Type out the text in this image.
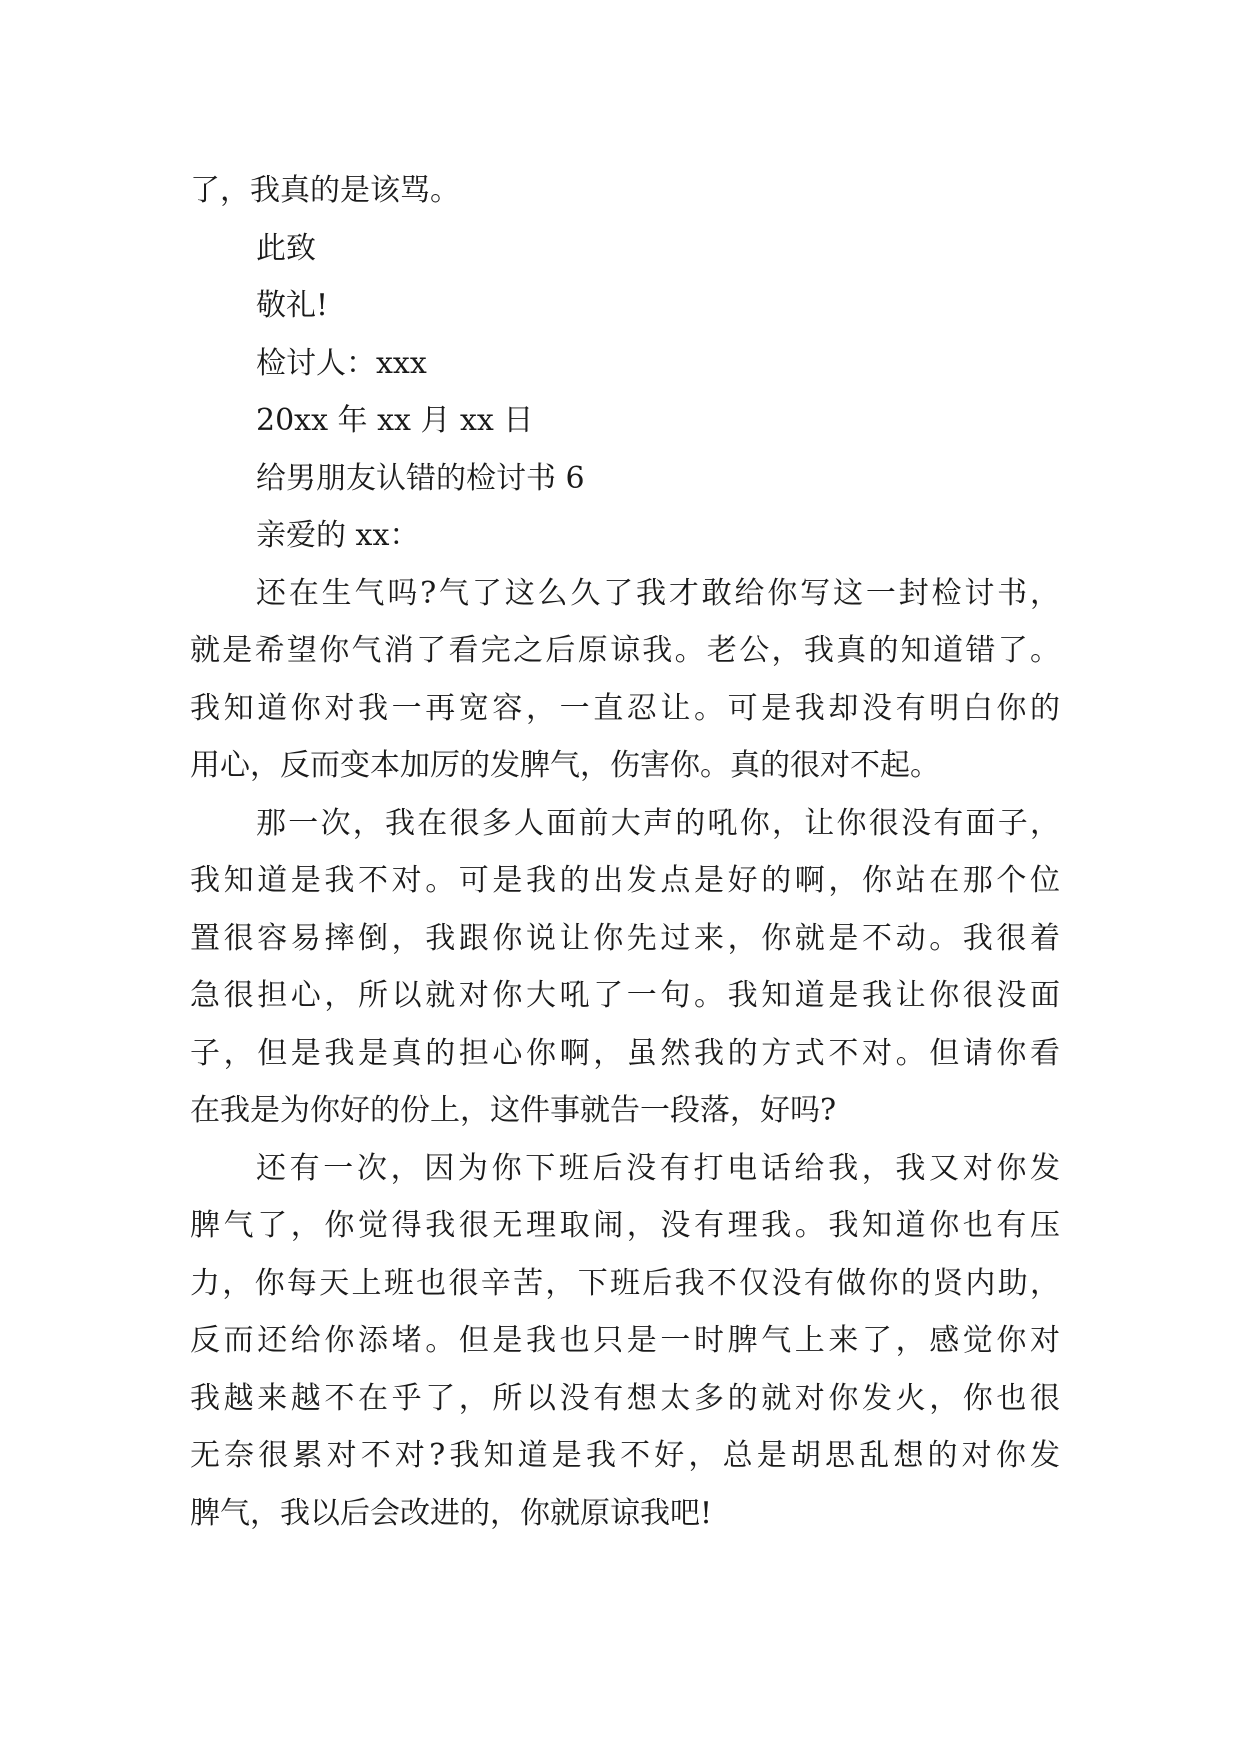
了，我真的是该骂。
此致
敬礼!
检讨人：xxx
20xx 年 xx 月 xx 日
给男朋友认错的检讨书 6
亲爱的 xx：
还在生气吗?气了这么久了我才敢给你写这一封检讨书，
就是希望你气消了看完之后原谅我。老公，我真的知道错了。
我知道你对我一再宽容，一直忍让。可是我却没有明白你的
用心，反而变本加厉的发脾气，伤害你。真的很对不起。
那一次，我在很多人面前大声的吼你，让你很没有面子，
我知道是我不对。可是我的出发点是好的啊，你站在那个位
置很容易摔倒，我跟你说让你先过来，你就是不动。我很着
急很担心，所以就对你大吼了一句。我知道是我让你很没面
子，但是我是真的担心你啊，虽然我的方式不对。但请你看
在我是为你好的份上，这件事就告一段落，好吗?
还有一次，因为你下班后没有打电话给我，我又对你发
脾气了，你觉得我很无理取闹，没有理我。我知道你也有压
力，你每天上班也很辛苦，下班后我不仅没有做你的贤内助，
反而还给你添堵。但是我也只是一时脾气上来了，感觉你对
我越来越不在乎了，所以没有想太多的就对你发火，你也很
无奈很累对不对?我知道是我不好，总是胡思乱想的对你发
脾气，我以后会改进的，你就原谅我吧!
